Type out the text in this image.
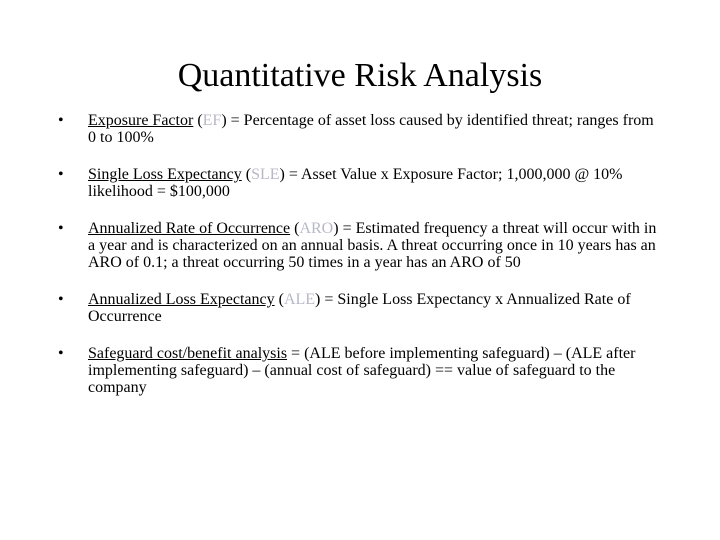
Quantitative Risk Analysis
• Exposure Factor (EF) = Percentage of asset loss caused by identified threat; ranges from 0 to 100%
• Single Loss Expectancy (SLE) = Asset Value x Exposure Factor; 1,000,000 @ 10% likelihood = $100,000
• Annualized Rate of Occurrence (ARO) = Estimated frequency a threat will occur with in a year and is characterized on an annual basis. A threat occurring once in 10 years has an ARO of 0.1; a threat occurring 50 times in a year has an ARO of 50
• Annualized Loss Expectancy (ALE) = Single Loss Expectancy x Annualized Rate of Occurrence
• Safeguard cost/benefit analysis = (ALE before implementing safeguard) – (ALE after implementing safeguard) – (annual cost of safeguard) == value of safeguard to the company
